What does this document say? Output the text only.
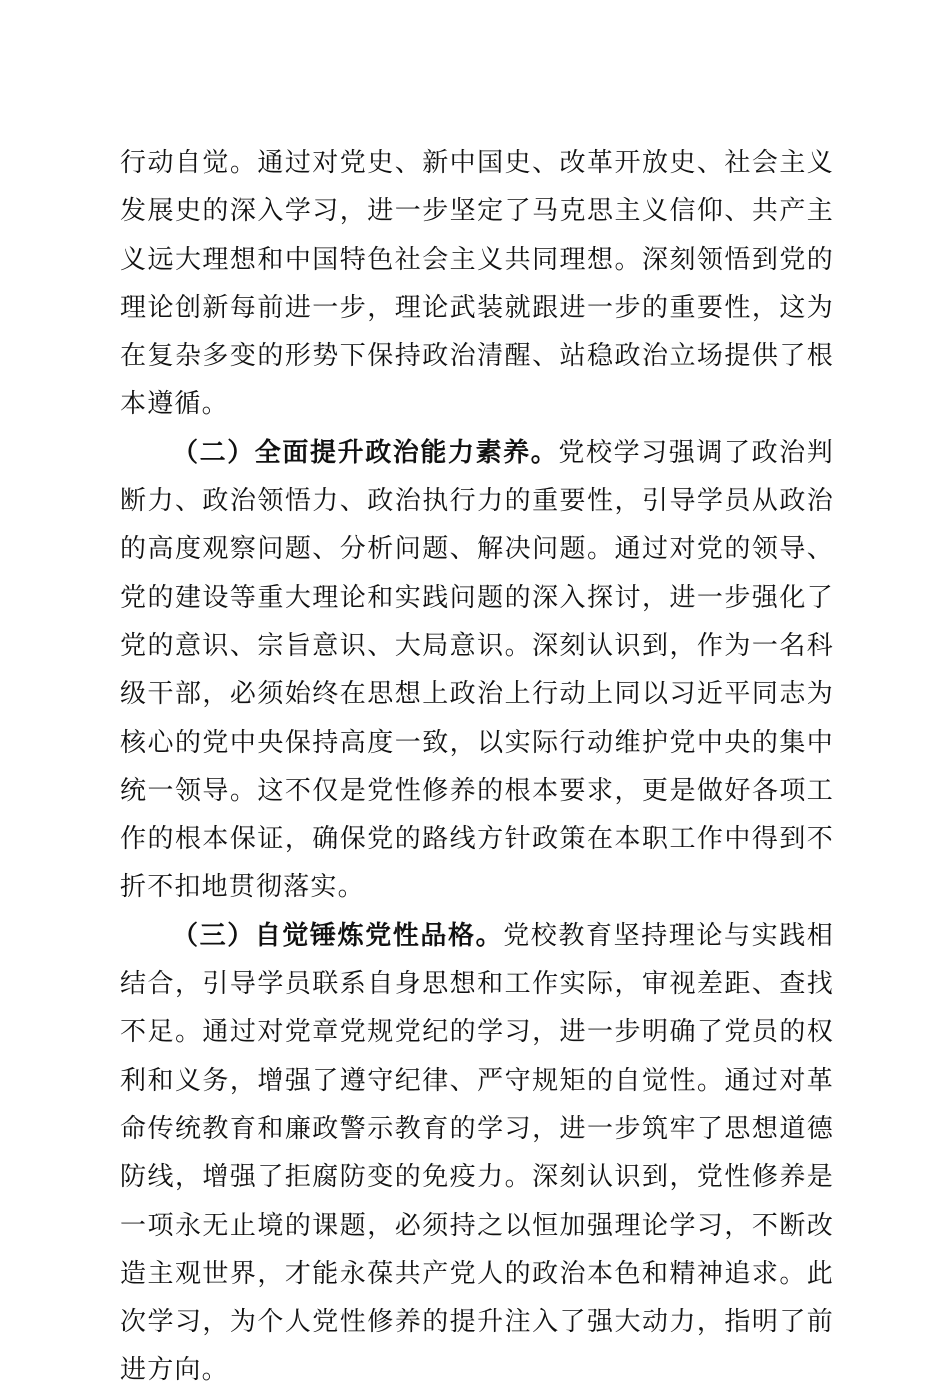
行动自觉。通过对党史、新中国史、改革开放史、社会主义发展史的深入学习，进一步坚定了马克思主义信仰、共产主义远大理想和中国特色社会主义共同理想。深刻领悟到党的理论创新每前进一步，理论武装就跟进一步的重要性，这为在复杂多变的形势下保持政治清醒、站稳政治立场提供了根本遵循。

（二）全面提升政治能力素养。党校学习强调了政治判断力、政治领悟力、政治执行力的重要性，引导学员从政治的高度观察问题、分析问题、解决问题。通过对党的领导、党的建设等重大理论和实践问题的深入探讨，进一步强化了党的意识、宗旨意识、大局意识。深刻认识到，作为一名科级干部，必须始终在思想上政治上行动上同以习近平同志为核心的党中央保持高度一致，以实际行动维护党中央的集中统一领导。这不仅是党性修养的根本要求，更是做好各项工作的根本保证，确保党的路线方针政策在本职工作中得到不折不扣地贯彻落实。

（三）自觉锤炼党性品格。党校教育坚持理论与实践相结合，引导学员联系自身思想和工作实际，审视差距、查找不足。通过对党章党规党纪的学习，进一步明确了党员的权利和义务，增强了遵守纪律、严守规矩的自觉性。通过对革命传统教育和廉政警示教育的学习，进一步筑牢了思想道德防线，增强了拒腐防变的免疫力。深刻认识到，党性修养是一项永无止境的课题，必须持之以恒加强理论学习，不断改造主观世界，才能永葆共产党人的政治本色和精神追求。此次学习，为个人党性修养的提升注入了强大动力，指明了前进方向。
